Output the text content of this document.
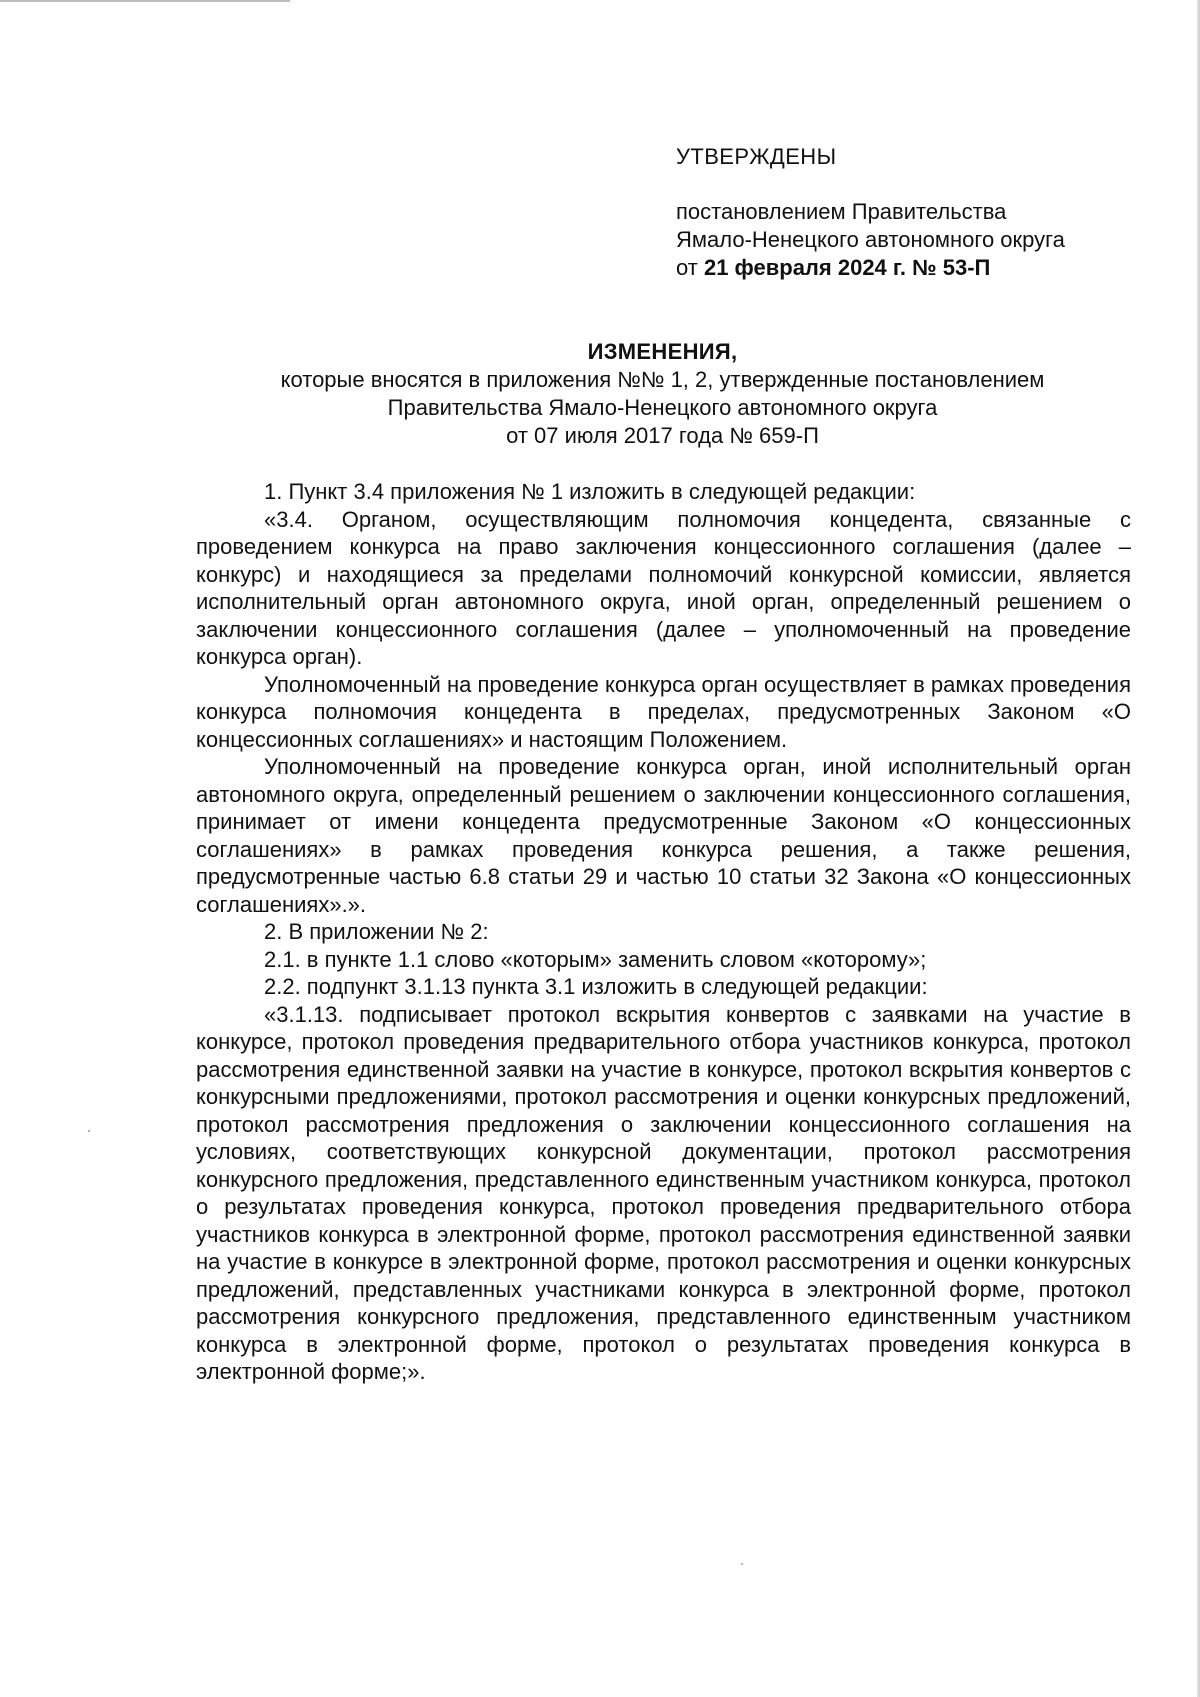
УТВЕРЖДЕНЫ

постановлением Правительства

Ямало-Ненецкого автономного округа

от 21 февраля 2024 г. № 53-П

ИЗМЕНЕНИЯ,

которые вносятся в приложения №№ 1, 2, утвержденные постановлением

Правительства Ямало-Ненецкого автономного округа

от 07 июля 2017 года № 659-П

1. Пункт 3.4 приложения № 1 изложить в следующей редакции:

«3.4. Органом, осуществляющим полномочия концедента, связанные с проведением конкурса на право заключения концессионного соглашения (далее – конкурс) и находящиеся за пределами полномочий конкурсной комиссии, является исполнительный орган автономного округа, иной орган, определенный решением о заключении концессионного соглашения (далее – уполномоченный на проведение конкурса орган).

Уполномоченный на проведение конкурса орган осуществляет в рамках проведения конкурса полномочия концедента в пределах, предусмотренных Законом «О концессионных соглашениях» и настоящим Положением.

Уполномоченный на проведение конкурса орган, иной исполнительный орган автономного округа, определенный решением о заключении концессионного соглашения, принимает от имени концедента предусмотренные Законом «О концессионных соглашениях» в рамках проведения конкурса решения, а также решения, предусмотренные частью 6.8 статьи 29 и частью 10 статьи 32 Закона «О концессионных соглашениях».».

2. В приложении № 2:

2.1. в пункте 1.1 слово «которым» заменить словом «которому»;

2.2. подпункт 3.1.13 пункта 3.1 изложить в следующей редакции:

«3.1.13. подписывает протокол вскрытия конвертов с заявками на участие в конкурсе, протокол проведения предварительного отбора участников конкурса, протокол рассмотрения единственной заявки на участие в конкурсе, протокол вскрытия конвертов с конкурсными предложениями, протокол рассмотрения и оценки конкурсных предложений, протокол рассмотрения предложения о заключении концессионного соглашения на условиях, соответствующих конкурсной документации, протокол рассмотрения конкурсного предложения, представленного единственным участником конкурса, протокол о результатах проведения конкурса, протокол проведения предварительного отбора участников конкурса в электронной форме, протокол рассмотрения единственной заявки на участие в конкурсе в электронной форме, протокол рассмотрения и оценки конкурсных предложений, представленных участниками конкурса в электронной форме, протокол рассмотрения конкурсного предложения, представленного единственным участником конкурса в электронной форме, протокол о результатах проведения конкурса в электронной форме;».
